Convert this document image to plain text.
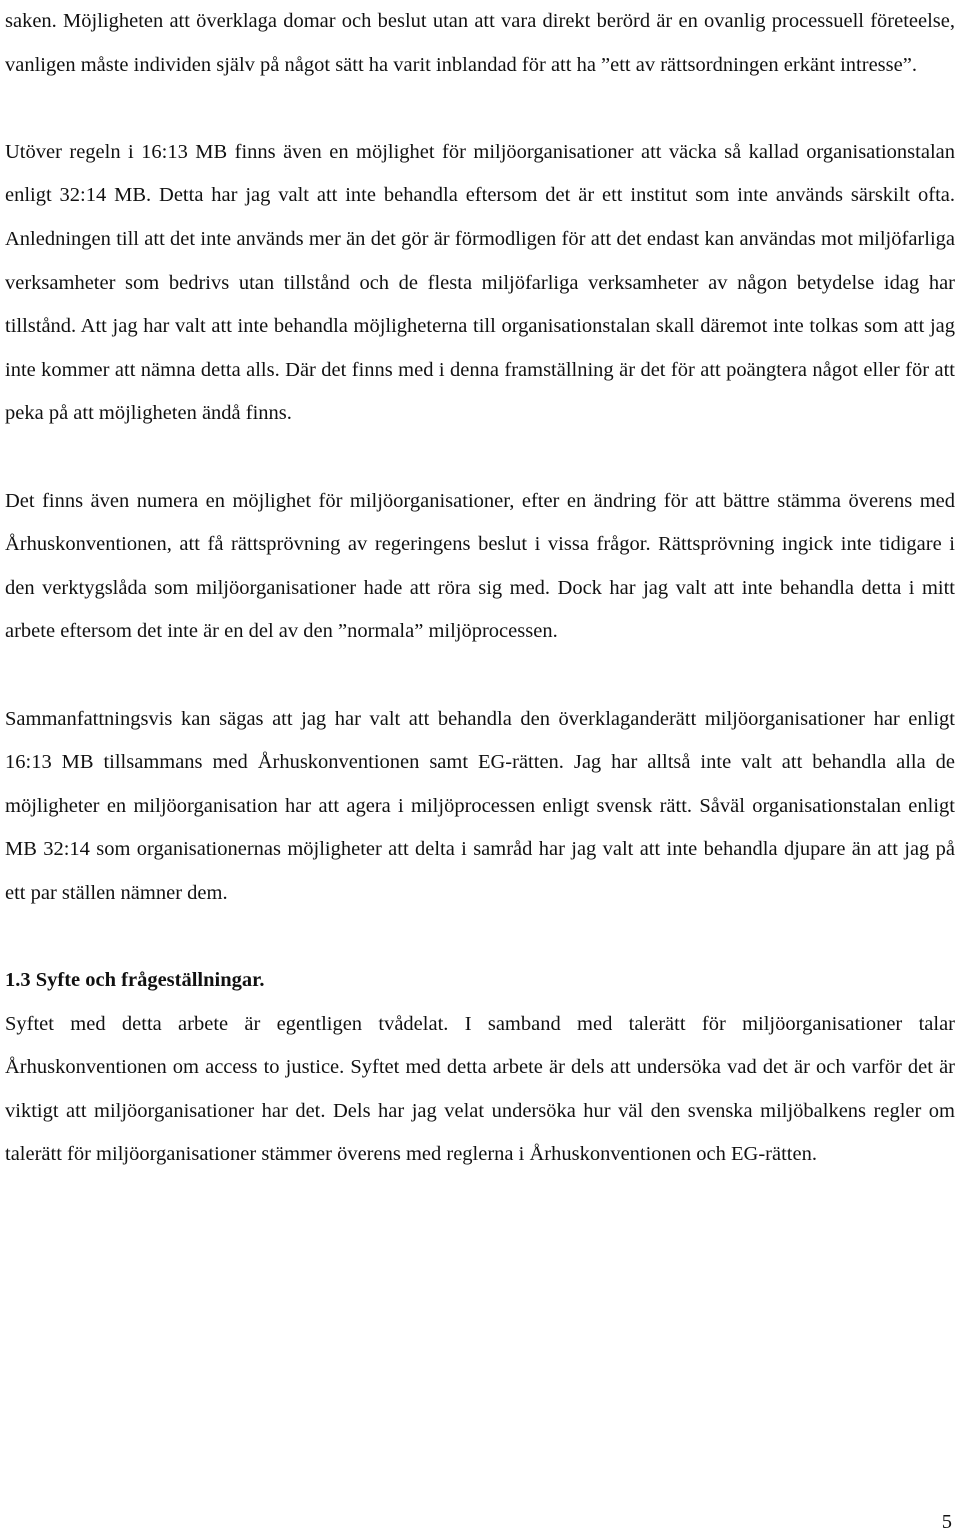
saken. Möjligheten att överklaga domar och beslut utan att vara direkt berörd är en ovanlig processuell företeelse, vanligen måste individen själv på något sätt ha varit inblandad för att ha ”ett av rättsordningen erkänt intresse”.

Utöver regeln i 16:13 MB finns även en möjlighet för miljöorganisationer att väcka så kallad organisationstalan enligt 32:14 MB. Detta har jag valt att inte behandla eftersom det är ett institut som inte används särskilt ofta. Anledningen till att det inte används mer än det gör är förmodligen för att det endast kan användas mot miljöfarliga verksamheter som bedrivs utan tillstånd och de flesta miljöfarliga verksamheter av någon betydelse idag har tillstånd. Att jag har valt att inte behandla möjligheterna till organisationstalan skall däremot inte tolkas som att jag inte kommer att nämna detta alls. Där det finns med i denna framställning är det för att poängtera något eller för att peka på att möjligheten ändå finns.

Det finns även numera en möjlighet för miljöorganisationer, efter en ändring för att bättre stämma överens med Århuskonventionen, att få rättsprövning av regeringens beslut i vissa frågor. Rättsprövning ingick inte tidigare i den verktygslåda som miljöorganisationer hade att röra sig med. Dock har jag valt att inte behandla detta i mitt arbete eftersom det inte är en del av den ”normala” miljöprocessen.

Sammanfattningsvis kan sägas att jag har valt att behandla den överklaganderätt miljöorganisationer har enligt 16:13 MB tillsammans med Århuskonventionen samt EG-rätten. Jag har alltså inte valt att behandla alla de möjligheter en miljöorganisation har att agera i miljöprocessen enligt svensk rätt. Såväl organisationstalan enligt MB 32:14 som organisationernas möjligheter att delta i samråd har jag valt att inte behandla djupare än att jag på ett par ställen nämner dem.

1.3 Syfte och frågeställningar.

Syftet med detta arbete är egentligen tvådelat. I samband med talerätt för miljöorganisationer talar Århuskonventionen om access to justice. Syftet med detta arbete är dels att undersöka vad det är och varför det är viktigt att miljöorganisationer har det. Dels har jag velat undersöka hur väl den svenska miljöbalkens regler om talerätt för miljöorganisationer stämmer överens med reglerna i Århuskonventionen och EG-rätten.

5
